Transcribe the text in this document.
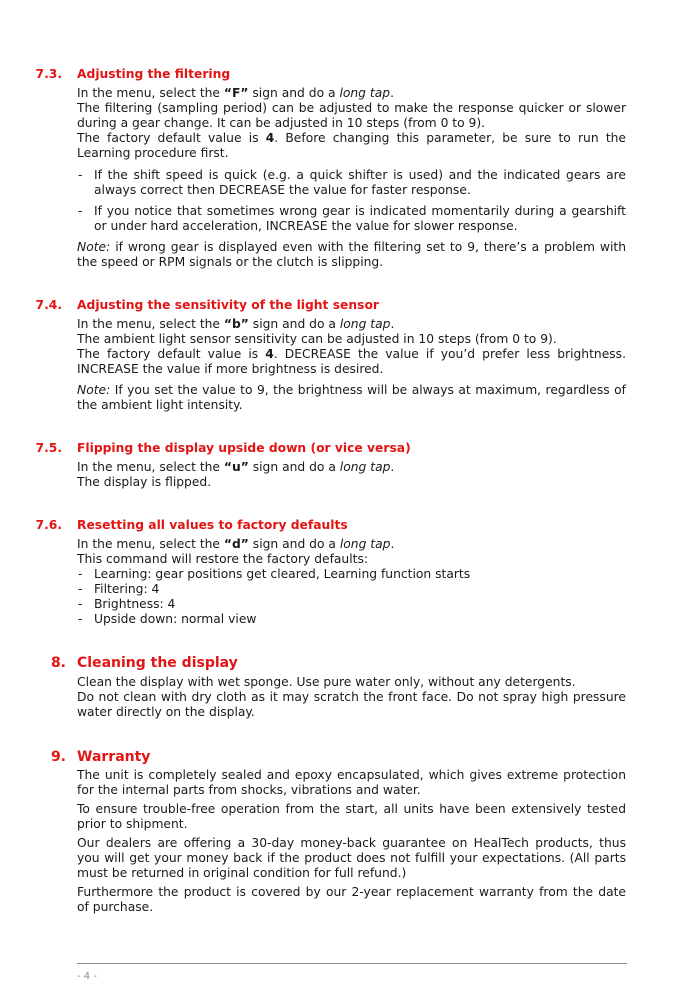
7.3. Adjusting the filtering

In the menu, select the “F” sign and do a long tap.

The filtering (sampling period) can be adjusted to make the response quicker or slower during a gear change. It can be adjusted in 10 steps (from 0 to 9).

The factory default value is 4. Before changing this parameter, be sure to run the Learning procedure first.

- If the shift speed is quick (e.g. a quick shifter is used) and the indicated gears are always correct then DECREASE the value for faster response.
- If you notice that sometimes wrong gear is indicated momentarily during a gearshift or under hard acceleration, INCREASE the value for slower response.

Note: if wrong gear is displayed even with the filtering set to 9, there’s a problem with the speed or RPM signals or the clutch is slipping.

7.4. Adjusting the sensitivity of the light sensor

In the menu, select the “b” sign and do a long tap.

The ambient light sensor sensitivity can be adjusted in 10 steps (from 0 to 9).

The factory default value is 4. DECREASE the value if you’d prefer less brightness. INCREASE the value if more brightness is desired.

Note: If you set the value to 9, the brightness will be always at maximum, regardless of the ambient light intensity.

7.5. Flipping the display upside down (or vice versa)

In the menu, select the “u” sign and do a long tap.

The display is flipped.

7.6. Resetting all values to factory defaults

In the menu, select the “d” sign and do a long tap.

This command will restore the factory defaults:

- Learning: gear positions get cleared, Learning function starts
- Filtering: 4
- Brightness: 4
- Upside down: normal view
8. Cleaning the display

Clean the display with wet sponge. Use pure water only, without any detergents.

Do not clean with dry cloth as it may scratch the front face. Do not spray high pressure water directly on the display.

9. Warranty

The unit is completely sealed and epoxy encapsulated, which gives extreme protection for the internal parts from shocks, vibrations and water.

To ensure trouble-free operation from the start, all units have been extensively tested prior to shipment.

Our dealers are offering a 30-day money-back guarantee on HealTech products, thus you will get your money back if the product does not fulfill your expectations. (All parts must be returned in original condition for full refund.)

Furthermore the product is covered by our 2-year replacement warranty from the date of purchase.

- 4 -
